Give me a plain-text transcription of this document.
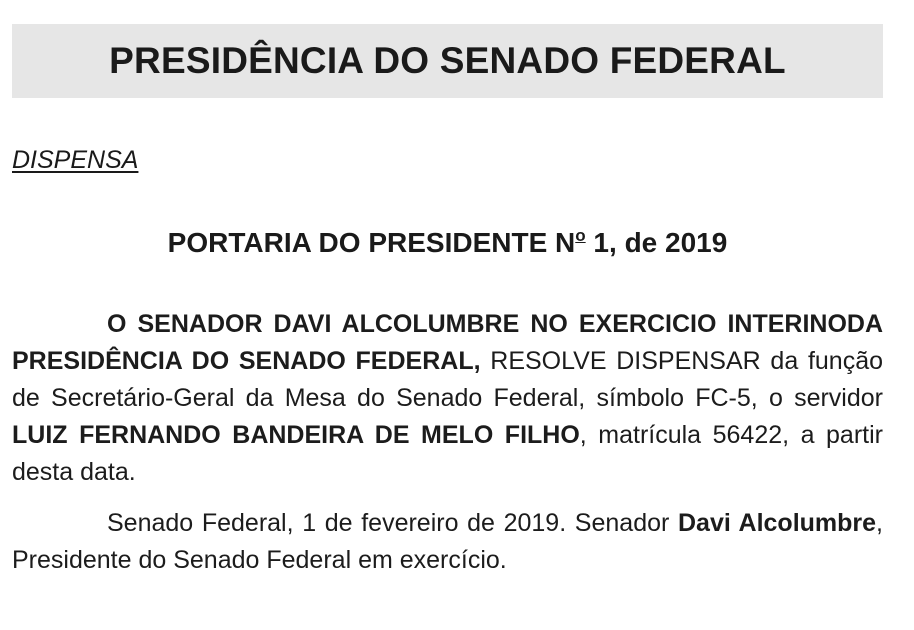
PRESIDÊNCIA DO SENADO FEDERAL
DISPENSA
PORTARIA DO PRESIDENTE $N^o$ 1, de 2019

O SENADOR DAVI ALCOLUMBRE NO EXERCICIO INTERINODA PRESIDÊNCIA DO SENADO FEDERAL, RESOLVE DISPENSAR da função de Secretário-Geral da Mesa do Senado Federal, símbolo FC-5, o servidor LUIZ FERNANDO BANDEIRA DE MELO FILHO, matrícula 56422, a partir desta data.

Senado Federal, 1 de fevereiro de 2019. Senador Davi Alcolumbre, Presidente do Senado Federal em exercício.
